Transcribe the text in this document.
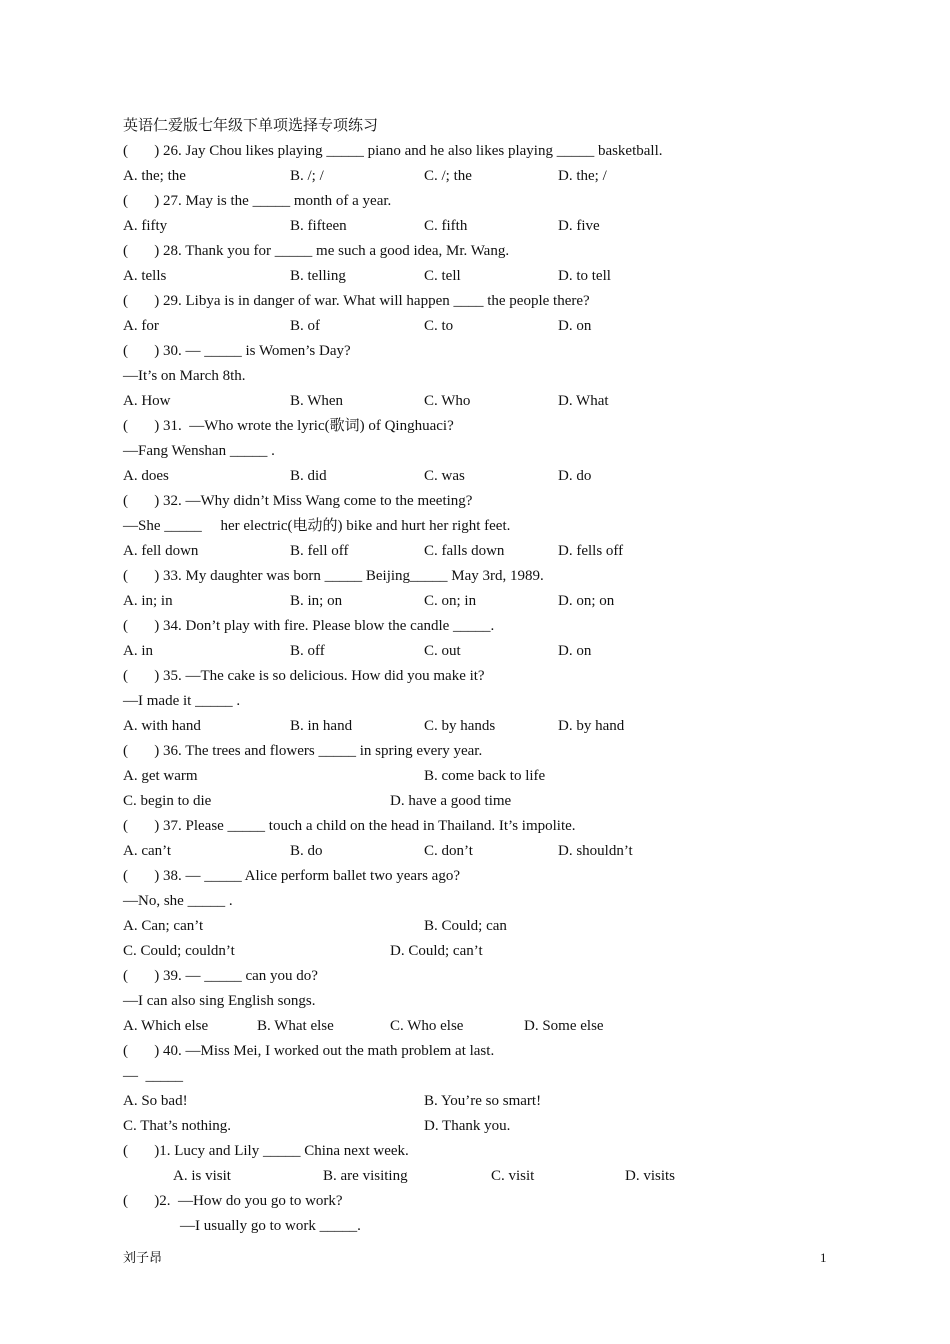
英语仁爱版七年级下单项选择专项练习
(       ) 26. Jay Chou likes playing _____ piano and he also likes playing _____ basketball.

A. the; the

	B. /; /

	C. /; the

	D. the; /

(       ) 27. May is the _____ month of a year.

A. fifty

	B. fifteen

	C. fifth

	D. five

(       ) 28. Thank you for _____ me such a good idea, Mr. Wang.

A. tells

	B. telling

	C. tell

	D. to tell

(       ) 29. Libya is in danger of war. What will happen ____ the people there?

A. for

	B. of

	C. to

	D. on

(       ) 30. — _____ is Women’s Day?
—It’s on March 8th.

A. How

	B. When

	C. Who

	D. What

(       ) 31.  —Who wrote the lyric(歌词) of Qinghuaci?
—Fang Wenshan _____ .

A. does

	B. did

	C. was

	D. do

(       ) 32. —Why didn’t Miss Wang come to the meeting?
—She _____     her electric(电动的) bike and hurt her right feet.

A. fell down

	B. fell off

	C. falls down

	D. fells off

(       ) 33. My daughter was born _____ Beijing_____ May 3rd, 1989.

A. in; in

	B. in; on

	C. on; in

	D. on; on

(       ) 34. Don’t play with fire. Please blow the candle _____.

A. in

	B. off

	C. out

	D. on

(       ) 35. —The cake is so delicious. How did you make it?
—I made it _____ .

A. with hand

	B. in hand

	C. by hands

	D. by hand

(       ) 36. The trees and flowers _____ in spring every year.

A. get warm

	B. come back to life

C. begin to die

	D. have a good time

(       ) 37. Please _____ touch a child on the head in Thailand. It’s impolite.

A. can’t

	B. do

	C. don’t

	D. shouldn’t

(       ) 38. — _____ Alice perform ballet two years ago?
—No, she _____ .

A. Can; can’t

	B. Could; can

C. Could; couldn’t

	D. Could; can’t

(       ) 39. — _____ can you do?
—I can also sing English songs.

A. Which else

	B. What else

	C. Who else

	D. Some else

(       ) 40. —Miss Mei, I worked out the math problem at last.
—  _____

A. So bad!

	B. You’re so smart!

C. That’s nothing.

	D. Thank you.

(       )1. Lucy and Lily _____ China next week.

A. is visit

	B. are visiting

	C. visit

	D. visits

(       )2.  —How do you go to work?
—I usually go to work _____.
刘子昂	1
